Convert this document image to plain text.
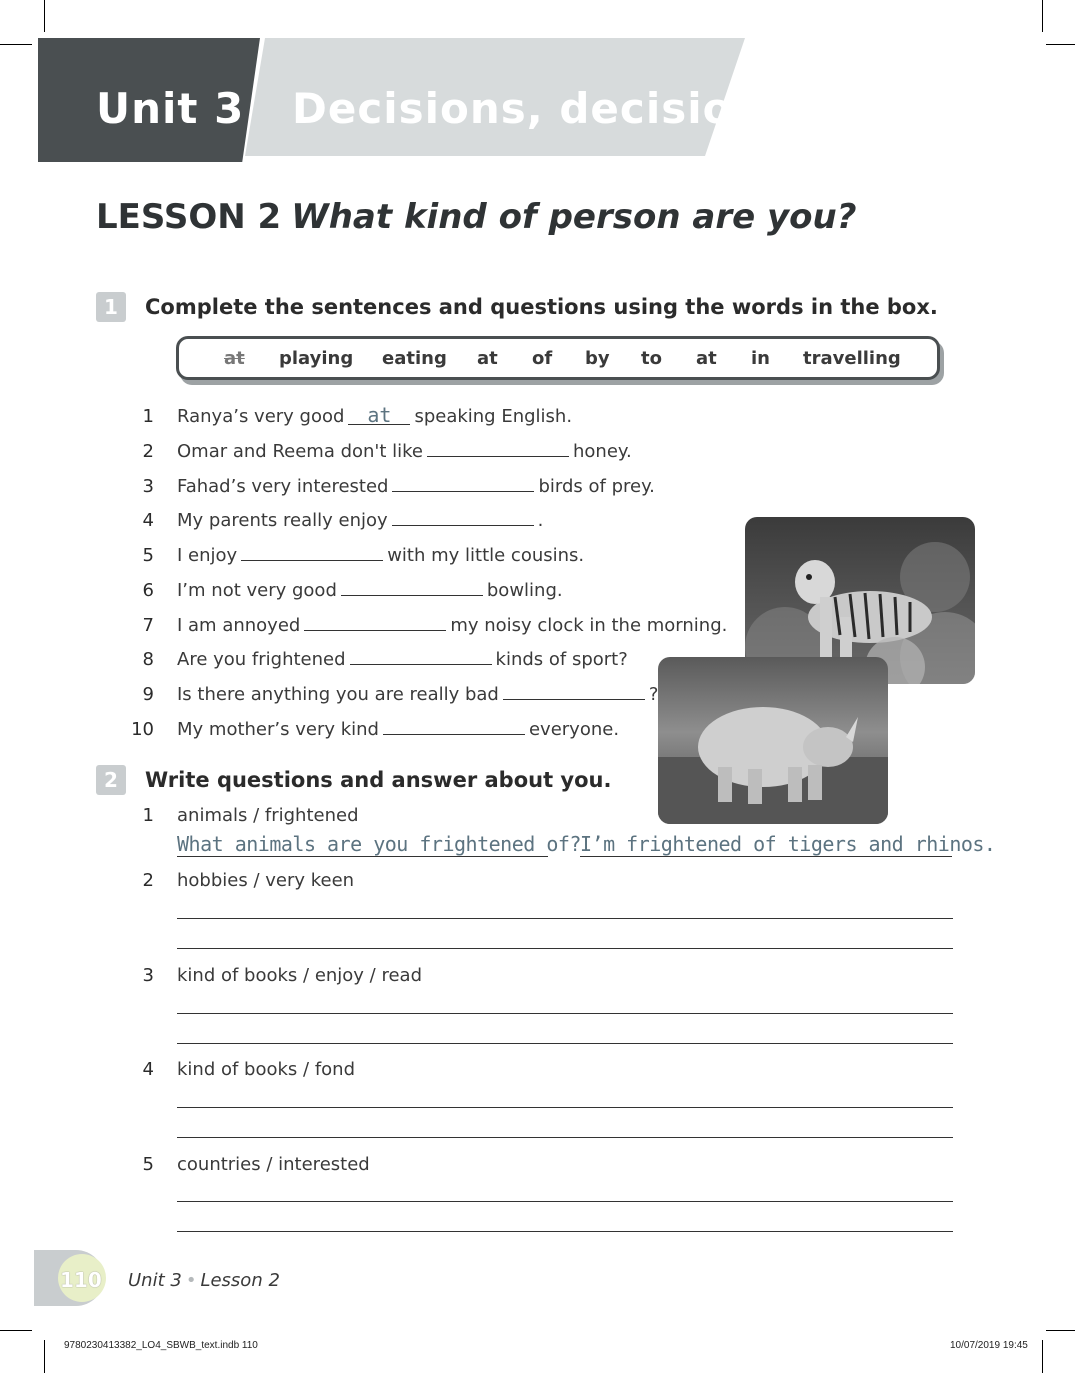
Unit 3 Decisions, decisions
LESSON 2 What kind of person are you?
1	Complete the sentences and questions using the words in the box.
at playing eating at of by to at in travelling
1 Ranya’s very good at speaking English.
2 Omar and Reema don't like	honey.
3 Fahad’s very interested	birds of prey.
4 My parents really enjoy	.
5 I enjoy	with my little cousins.
6 I’m not very good	bowling.
7 I am annoyed	my noisy clock in the morning.
8 Are you frightened	kinds of sport?
9 Is there anything you are really bad	?
10 My mother’s very kind	everyone.
2	Write questions and answer about you.
1 animals / frightened
What animals are you frightened of? I’m frightened of tigers and rhinos.
2 hobbies / very keen
3 kind of books / enjoy / read
4 kind of books / fond
5 countries / interested
110 Unit 3 • Lesson 2
9780230413382_LO4_SBWB_text.indb 110	10/07/2019 19:45
